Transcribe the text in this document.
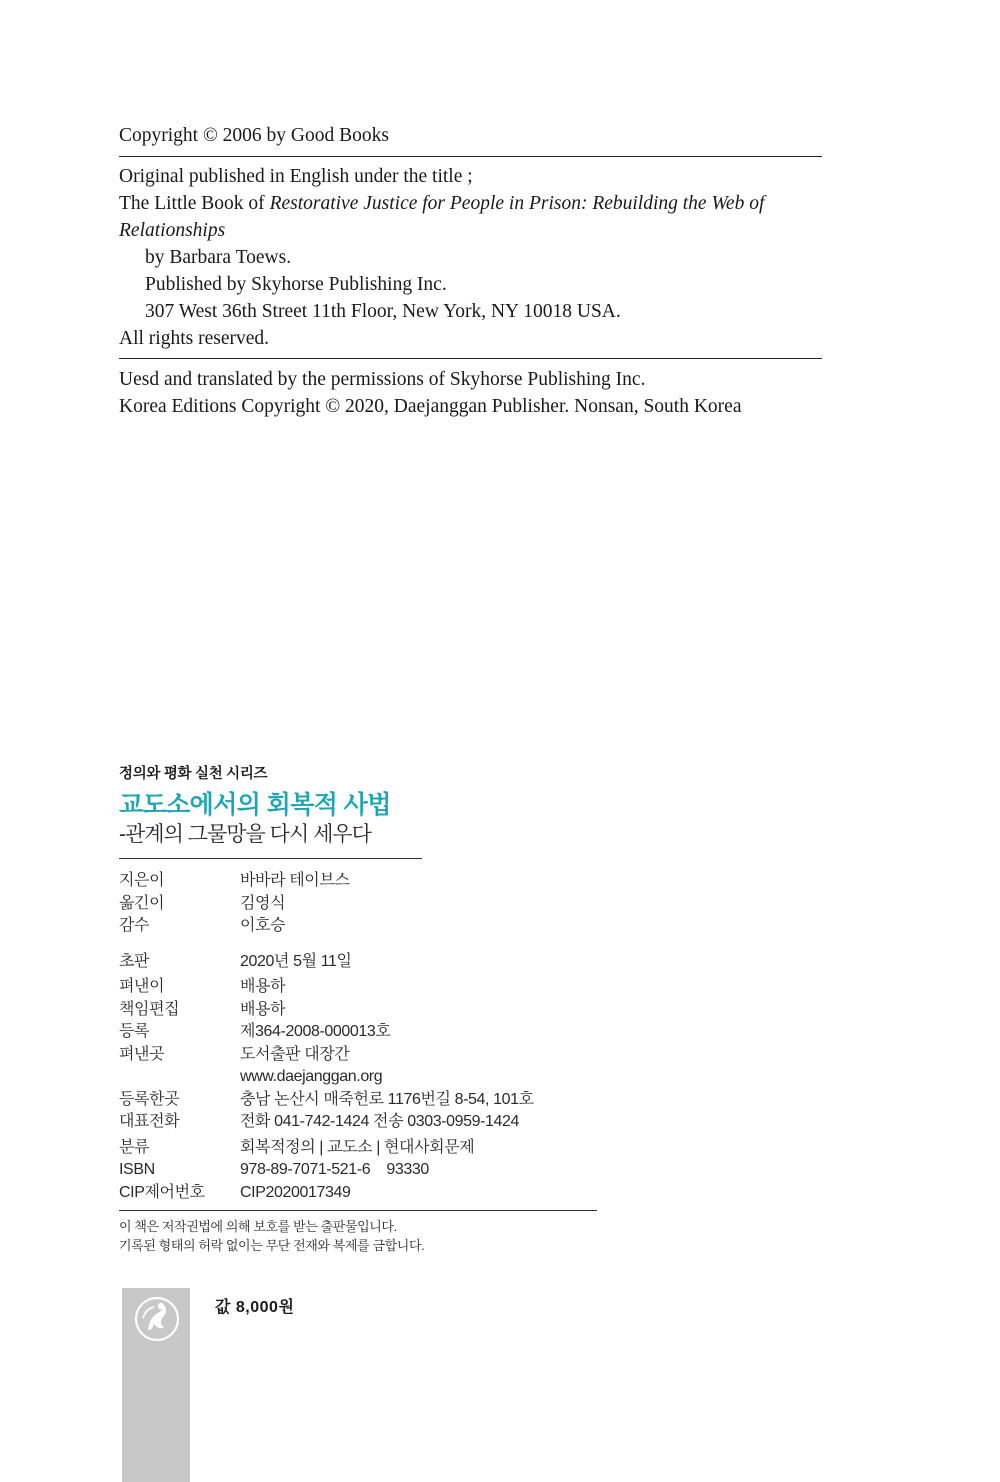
Copyright © 2006 by Good Books
Original published in English under the title ;
The Little Book of Restorative Justice for People in Prison: Rebuilding the Web of Relationships
by Barbara Toews.
Published by Skyhorse Publishing Inc.
307 West 36th Street 11th Floor, New York, NY 10018 USA.
All rights reserved.
Uesd and translated by the permissions of Skyhorse Publishing Inc.
Korea Editions Copyright © 2020, Daejanggan Publisher. Nonsan, South Korea
정의와 평화 실천 시리즈
교도소에서의 회복적 사법
-관계의 그물망을 다시 세우다
지은이	바바라 테이브스
옮긴이	김영식
감수	이호승
초판	2020년 5월 11일
펴낸이	배용하
책임편집	배용하
등록	제364-2008-000013호
펴낸곳	도서출판 대장간
www.daejanggan.org
등록한곳	충남 논산시 매죽헌로 1176번길 8-54, 101호
대표전화	전화 041-742-1424 전송 0303-0959-1424
분류	회복적정의 | 교도소 | 현대사회문제
ISBN	978-89-7071-521-6    93330
CIP제어번호	CIP2020017349
이 책은 저작권법에 의해 보호를 받는 출판물입니다.
기록된 형태의 허락 없이는 무단 전재와 복제를 금합니다.
값 8,000원
